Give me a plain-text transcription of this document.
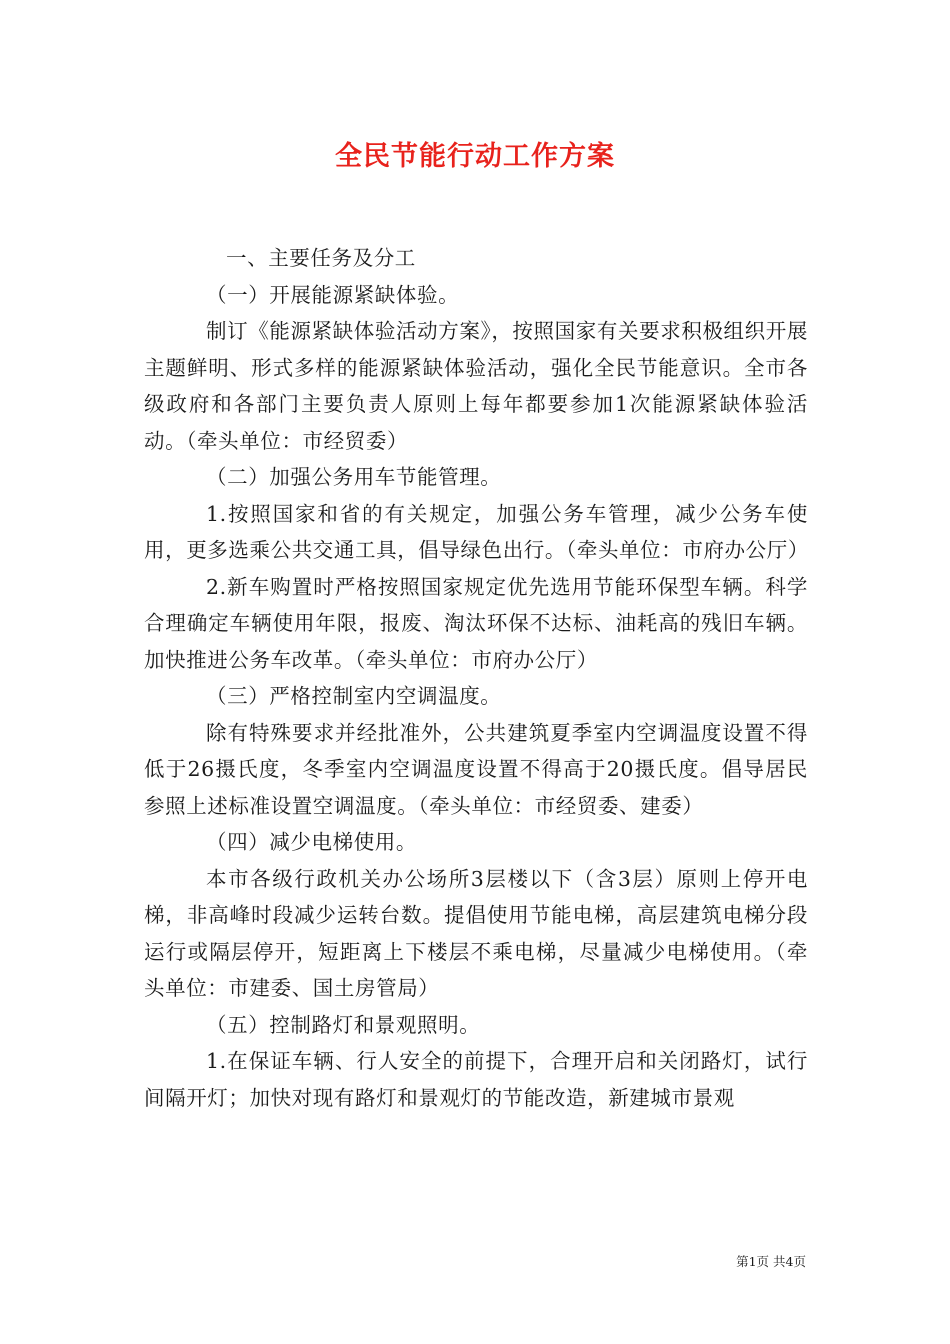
全民节能行动工作方案

一、主要任务及分工

（一）开展能源紧缺体验。

制订《能源紧缺体验活动方案》，按照国家有关要求积极组织开展主题鲜明、形式多样的能源紧缺体验活动，强化全民节能意识。全市各级政府和各部门主要负责人原则上每年都要参加1次能源紧缺体验活动。（牵头单位：市经贸委）

（二）加强公务用车节能管理。

1.按照国家和省的有关规定，加强公务车管理，减少公务车使用，更多选乘公共交通工具，倡导绿色出行。（牵头单位：市府办公厅）

2.新车购置时严格按照国家规定优先选用节能环保型车辆。科学合理确定车辆使用年限，报废、淘汰环保不达标、油耗高的残旧车辆。加快推进公务车改革。（牵头单位：市府办公厅）

（三）严格控制室内空调温度。

除有特殊要求并经批准外，公共建筑夏季室内空调温度设置不得低于26摄氏度，冬季室内空调温度设置不得高于20摄氏度。倡导居民参照上述标准设置空调温度。（牵头单位：市经贸委、建委）

（四）减少电梯使用。

本市各级行政机关办公场所3层楼以下（含3层）原则上停开电梯，非高峰时段减少运转台数。提倡使用节能电梯，高层建筑电梯分段运行或隔层停开，短距离上下楼层不乘电梯，尽量减少电梯使用。（牵头单位：市建委、国土房管局）

（五）控制路灯和景观照明。

1.在保证车辆、行人安全的前提下，合理开启和关闭路灯，试行间隔开灯；加快对现有路灯和景观灯的节能改造，新建城市景观

第1页 共4页
